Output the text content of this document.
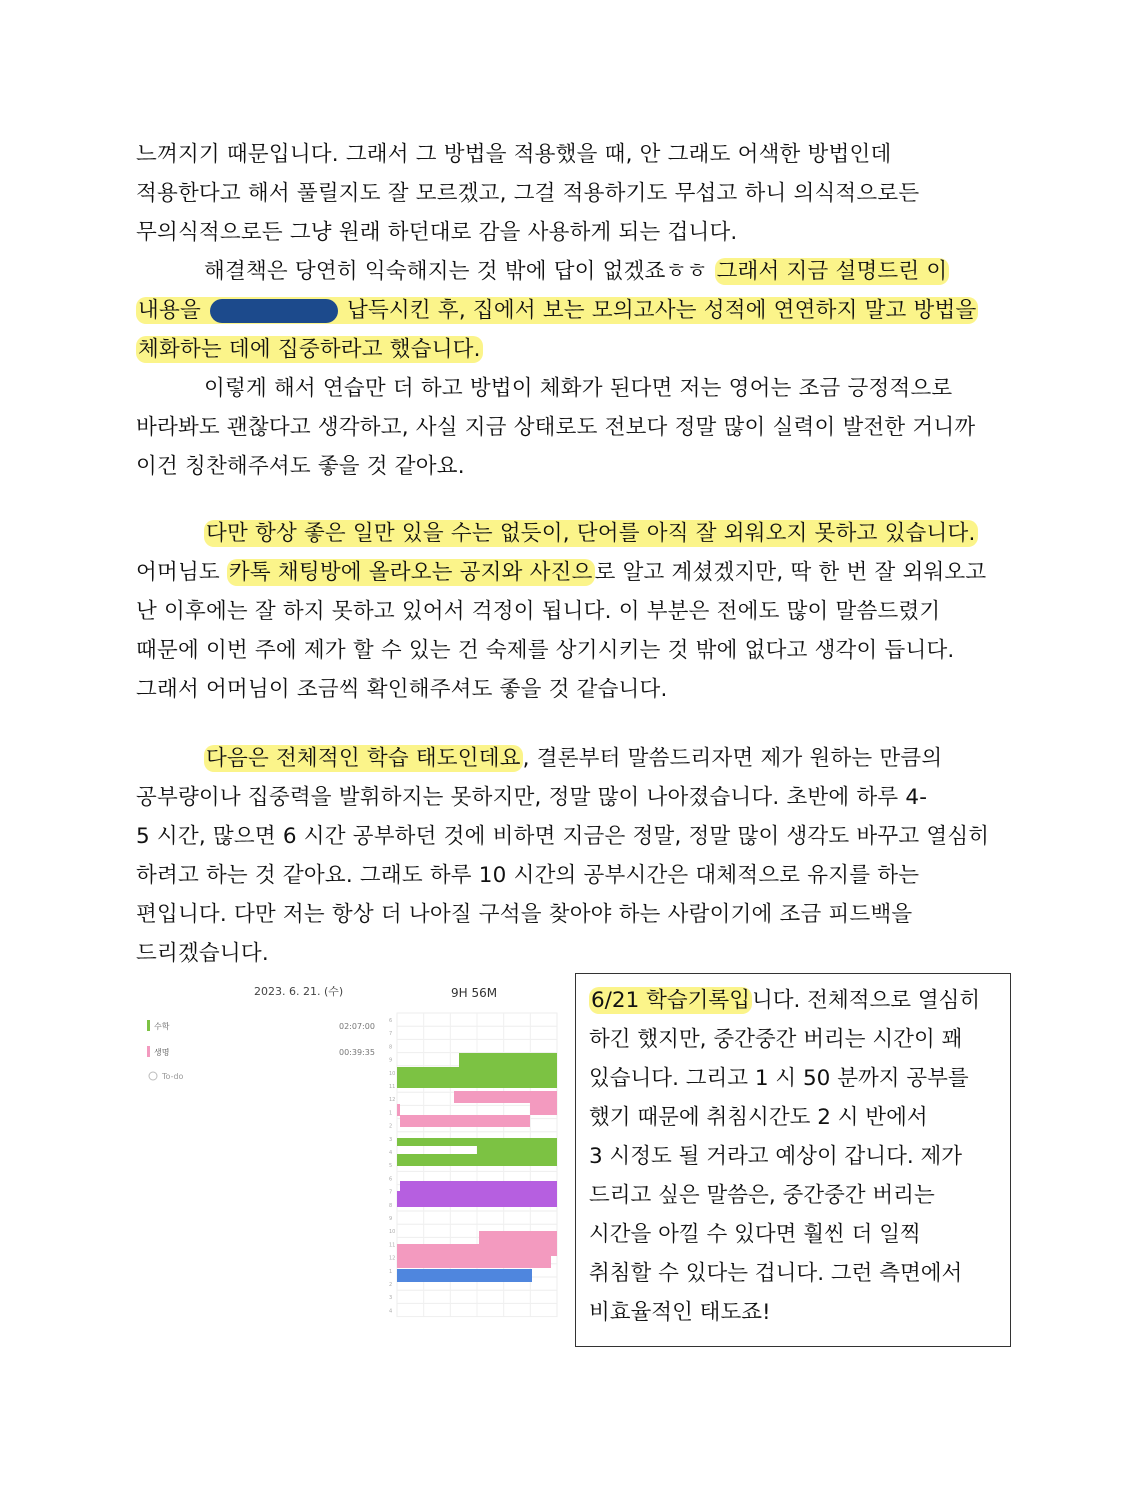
느껴지기 때문입니다. 그래서 그 방법을 적용했을 때, 안 그래도 어색한 방법인데
적용한다고 해서 풀릴지도 잘 모르겠고, 그걸 적용하기도 무섭고 하니 의식적으로든
무의식적으로든 그냥 원래 하던대로 감을 사용하게 되는 겁니다.
해결책은 당연히 익숙해지는 것 밖에 답이 없겠죠ㅎㅎ 그래서 지금 설명드린 이
내용을	납득시킨 후, 집에서 보는 모의고사는 성적에 연연하지 말고 방법을
체화하는 데에 집중하라고 했습니다.
이렇게 해서 연습만 더 하고 방법이 체화가 된다면 저는 영어는 조금 긍정적으로
바라봐도 괜찮다고 생각하고, 사실 지금 상태로도 전보다 정말 많이 실력이 발전한 거니까
이건 칭찬해주셔도 좋을 것 같아요.
다만 항상 좋은 일만 있을 수는 없듯이, 단어를 아직 잘 외워오지 못하고 있습니다.
어머님도 카톡 채팅방에 올라오는 공지와 사진으로 알고 계셨겠지만, 딱 한 번 잘 외워오고
난 이후에는 잘 하지 못하고 있어서 걱정이 됩니다. 이 부분은 전에도 많이 말씀드렸기
때문에 이번 주에 제가 할 수 있는 건 숙제를 상기시키는 것 밖에 없다고 생각이 듭니다.
그래서 어머님이 조금씩 확인해주셔도 좋을 것 같습니다.
다음은 전체적인 학습 태도인데요, 결론부터 말씀드리자면 제가 원하는 만큼의
공부량이나 집중력을 발휘하지는 못하지만, 정말 많이 나아졌습니다. 초반에 하루 4-
5 시간, 많으면 6 시간 공부하던 것에 비하면 지금은 정말, 정말 많이 생각도 바꾸고 열심히
하려고 하는 것 같아요. 그래도 하루 10 시간의 공부시간은 대체적으로 유지를 하는
편입니다. 다만 저는 항상 더 나아질 구석을 찾아야 하는 사람이기에 조금 피드백을
드리겠습니다.
2023. 6. 21. (수)	9H 56M
수학	02:07:00
생명	00:39:35
To-do
6
7
8
9
10
11
12
1
2
3
4
5
6
7
8
9
10
11
12
1
2
3
4
6/21 학습기록입니다. 전체적으로 열심히
하긴 했지만, 중간중간 버리는 시간이 꽤
있습니다. 그리고 1 시 50 분까지 공부를
했기 때문에 취침시간도 2 시 반에서
3 시정도 될 거라고 예상이 갑니다. 제가
드리고 싶은 말씀은, 중간중간 버리는
시간을 아낄 수 있다면 훨씬 더 일찍
취침할 수 있다는 겁니다. 그런 측면에서
비효율적인 태도죠!
